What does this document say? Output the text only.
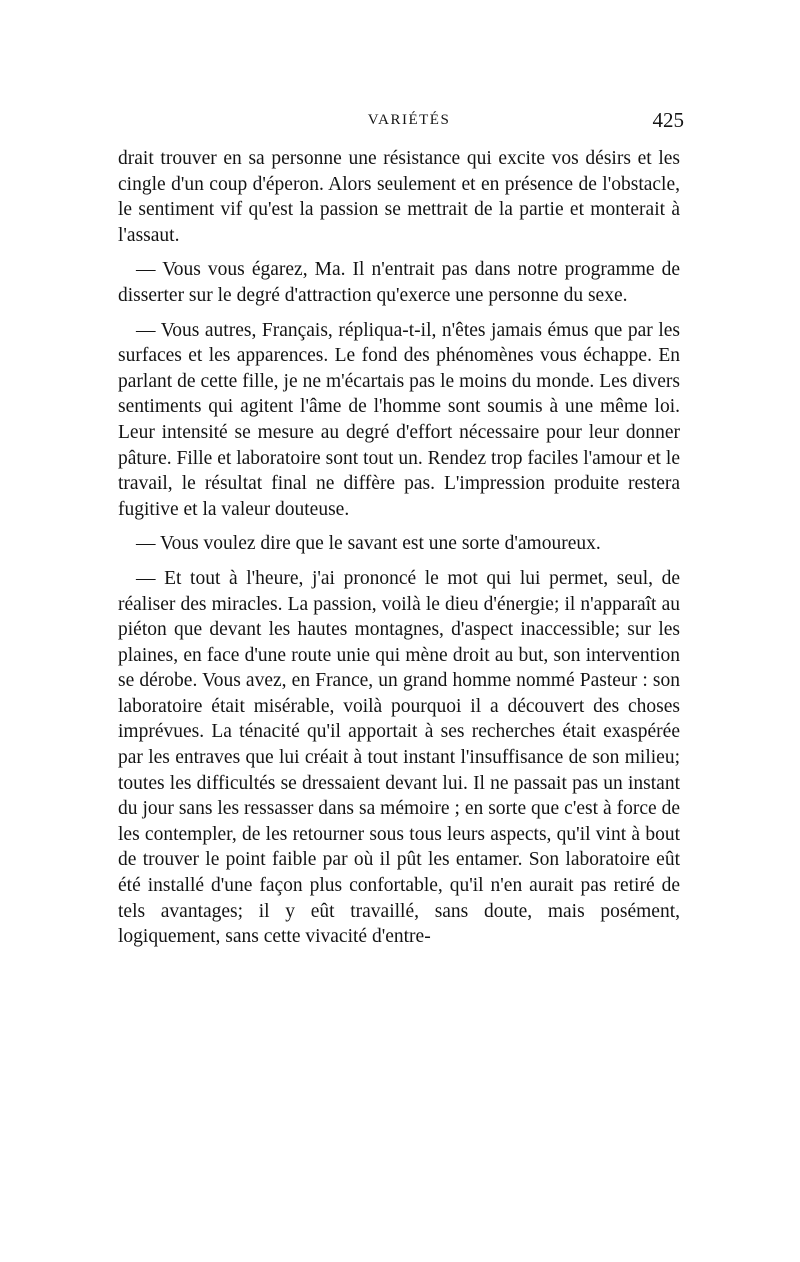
VARIÉTÉS	425

drait trouver en sa personne une résistance qui excite vos désirs et les cingle d'un coup d'éperon. Alors seulement et en présence de l'obstacle, le sentiment vif qu'est la passion se mettrait de la partie et monterait à l'assaut.

— Vous vous égarez, Ma. Il n'entrait pas dans notre programme de disserter sur le degré d'attraction qu'exerce une personne du sexe.

— Vous autres, Français, répliqua-t-il, n'êtes jamais émus que par les surfaces et les apparences. Le fond des phénomènes vous échappe. En parlant de cette fille, je ne m'écartais pas le moins du monde. Les divers sentiments qui agitent l'âme de l'homme sont soumis à une même loi. Leur intensité se mesure au degré d'effort nécessaire pour leur donner pâture. Fille et laboratoire sont tout un. Rendez trop faciles l'amour et le travail, le résultat final ne diffère pas. L'impression produite restera fugitive et la valeur douteuse.

— Vous voulez dire que le savant est une sorte d'amoureux.

— Et tout à l'heure, j'ai prononcé le mot qui lui permet, seul, de réaliser des miracles. La passion, voilà le dieu d'énergie; il n'apparaît au piéton que devant les hautes montagnes, d'aspect inaccessible; sur les plaines, en face d'une route unie qui mène droit au but, son intervention se dérobe. Vous avez, en France, un grand homme nommé Pasteur : son laboratoire était misérable, voilà pourquoi il a découvert des choses imprévues. La ténacité qu'il apportait à ses recherches était exaspérée par les entraves que lui créait à tout instant l'insuffisance de son milieu; toutes les difficultés se dressaient devant lui. Il ne passait pas un instant du jour sans les ressasser dans sa mémoire ; en sorte que c'est à force de les contempler, de les retourner sous tous leurs aspects, qu'il vint à bout de trouver le point faible par où il pût les entamer. Son laboratoire eût été installé d'une façon plus confortable, qu'il n'en aurait pas retiré de tels avantages; il y eût travaillé, sans doute, mais posément, logiquement, sans cette vivacité d'entre-
